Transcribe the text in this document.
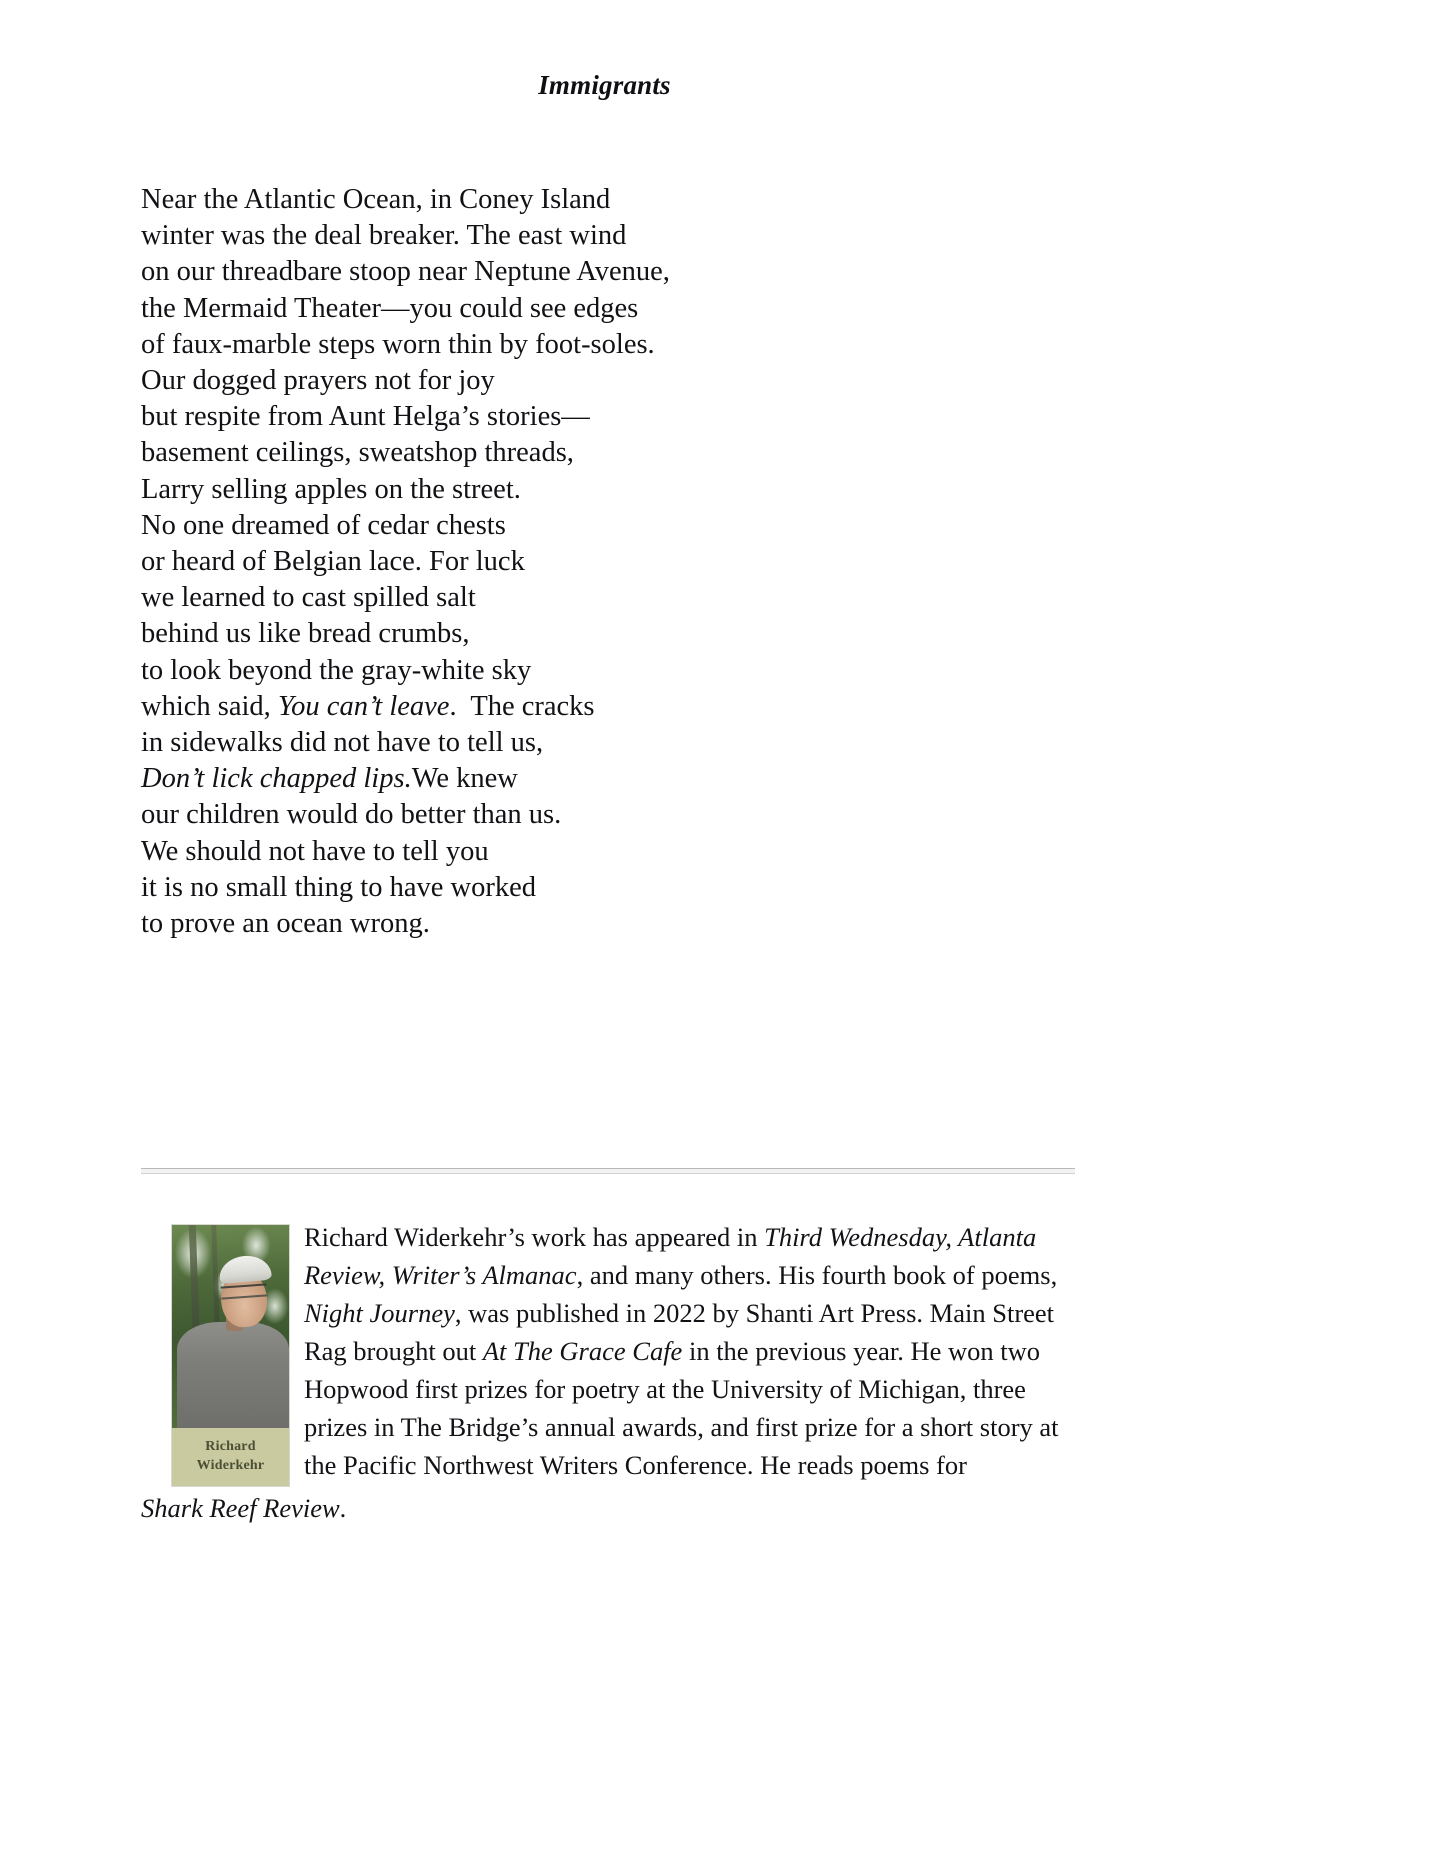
Immigrants
Near the Atlantic Ocean, in Coney Island
winter was the deal breaker. The east wind
on our threadbare stoop near Neptune Avenue,
the Mermaid Theater—you could see edges
of faux-marble steps worn thin by foot-soles.
Our dogged prayers not for joy
but respite from Aunt Helga’s stories—
basement ceilings, sweatshop threads,
Larry selling apples on the street.
No one dreamed of cedar chests
or heard of Belgian lace. For luck
we learned to cast spilled salt
behind us like bread crumbs,
to look beyond the gray-white sky
which said, You can’t leave.  The cracks
in sidewalks did not have to tell us,
Don’t lick chapped lips.We knew
our children would do better than us.
We should not have to tell you
it is no small thing to have worked
to prove an ocean wrong.
Richard
Widerkehr
Richard Widerkehr’s work has appeared in Third Wednesday, Atlanta Review, Writer’s Almanac, and many others. His fourth book of poems, Night Journey, was published in 2022 by Shanti Art Press. Main Street Rag brought out At The Grace Cafe in the previous year. He won two Hopwood first prizes for poetry at the University of Michigan, three prizes in The Bridge’s annual awards, and first prize for a short story at the Pacific Northwest Writers Conference. He reads poems for
Shark Reef Review.
